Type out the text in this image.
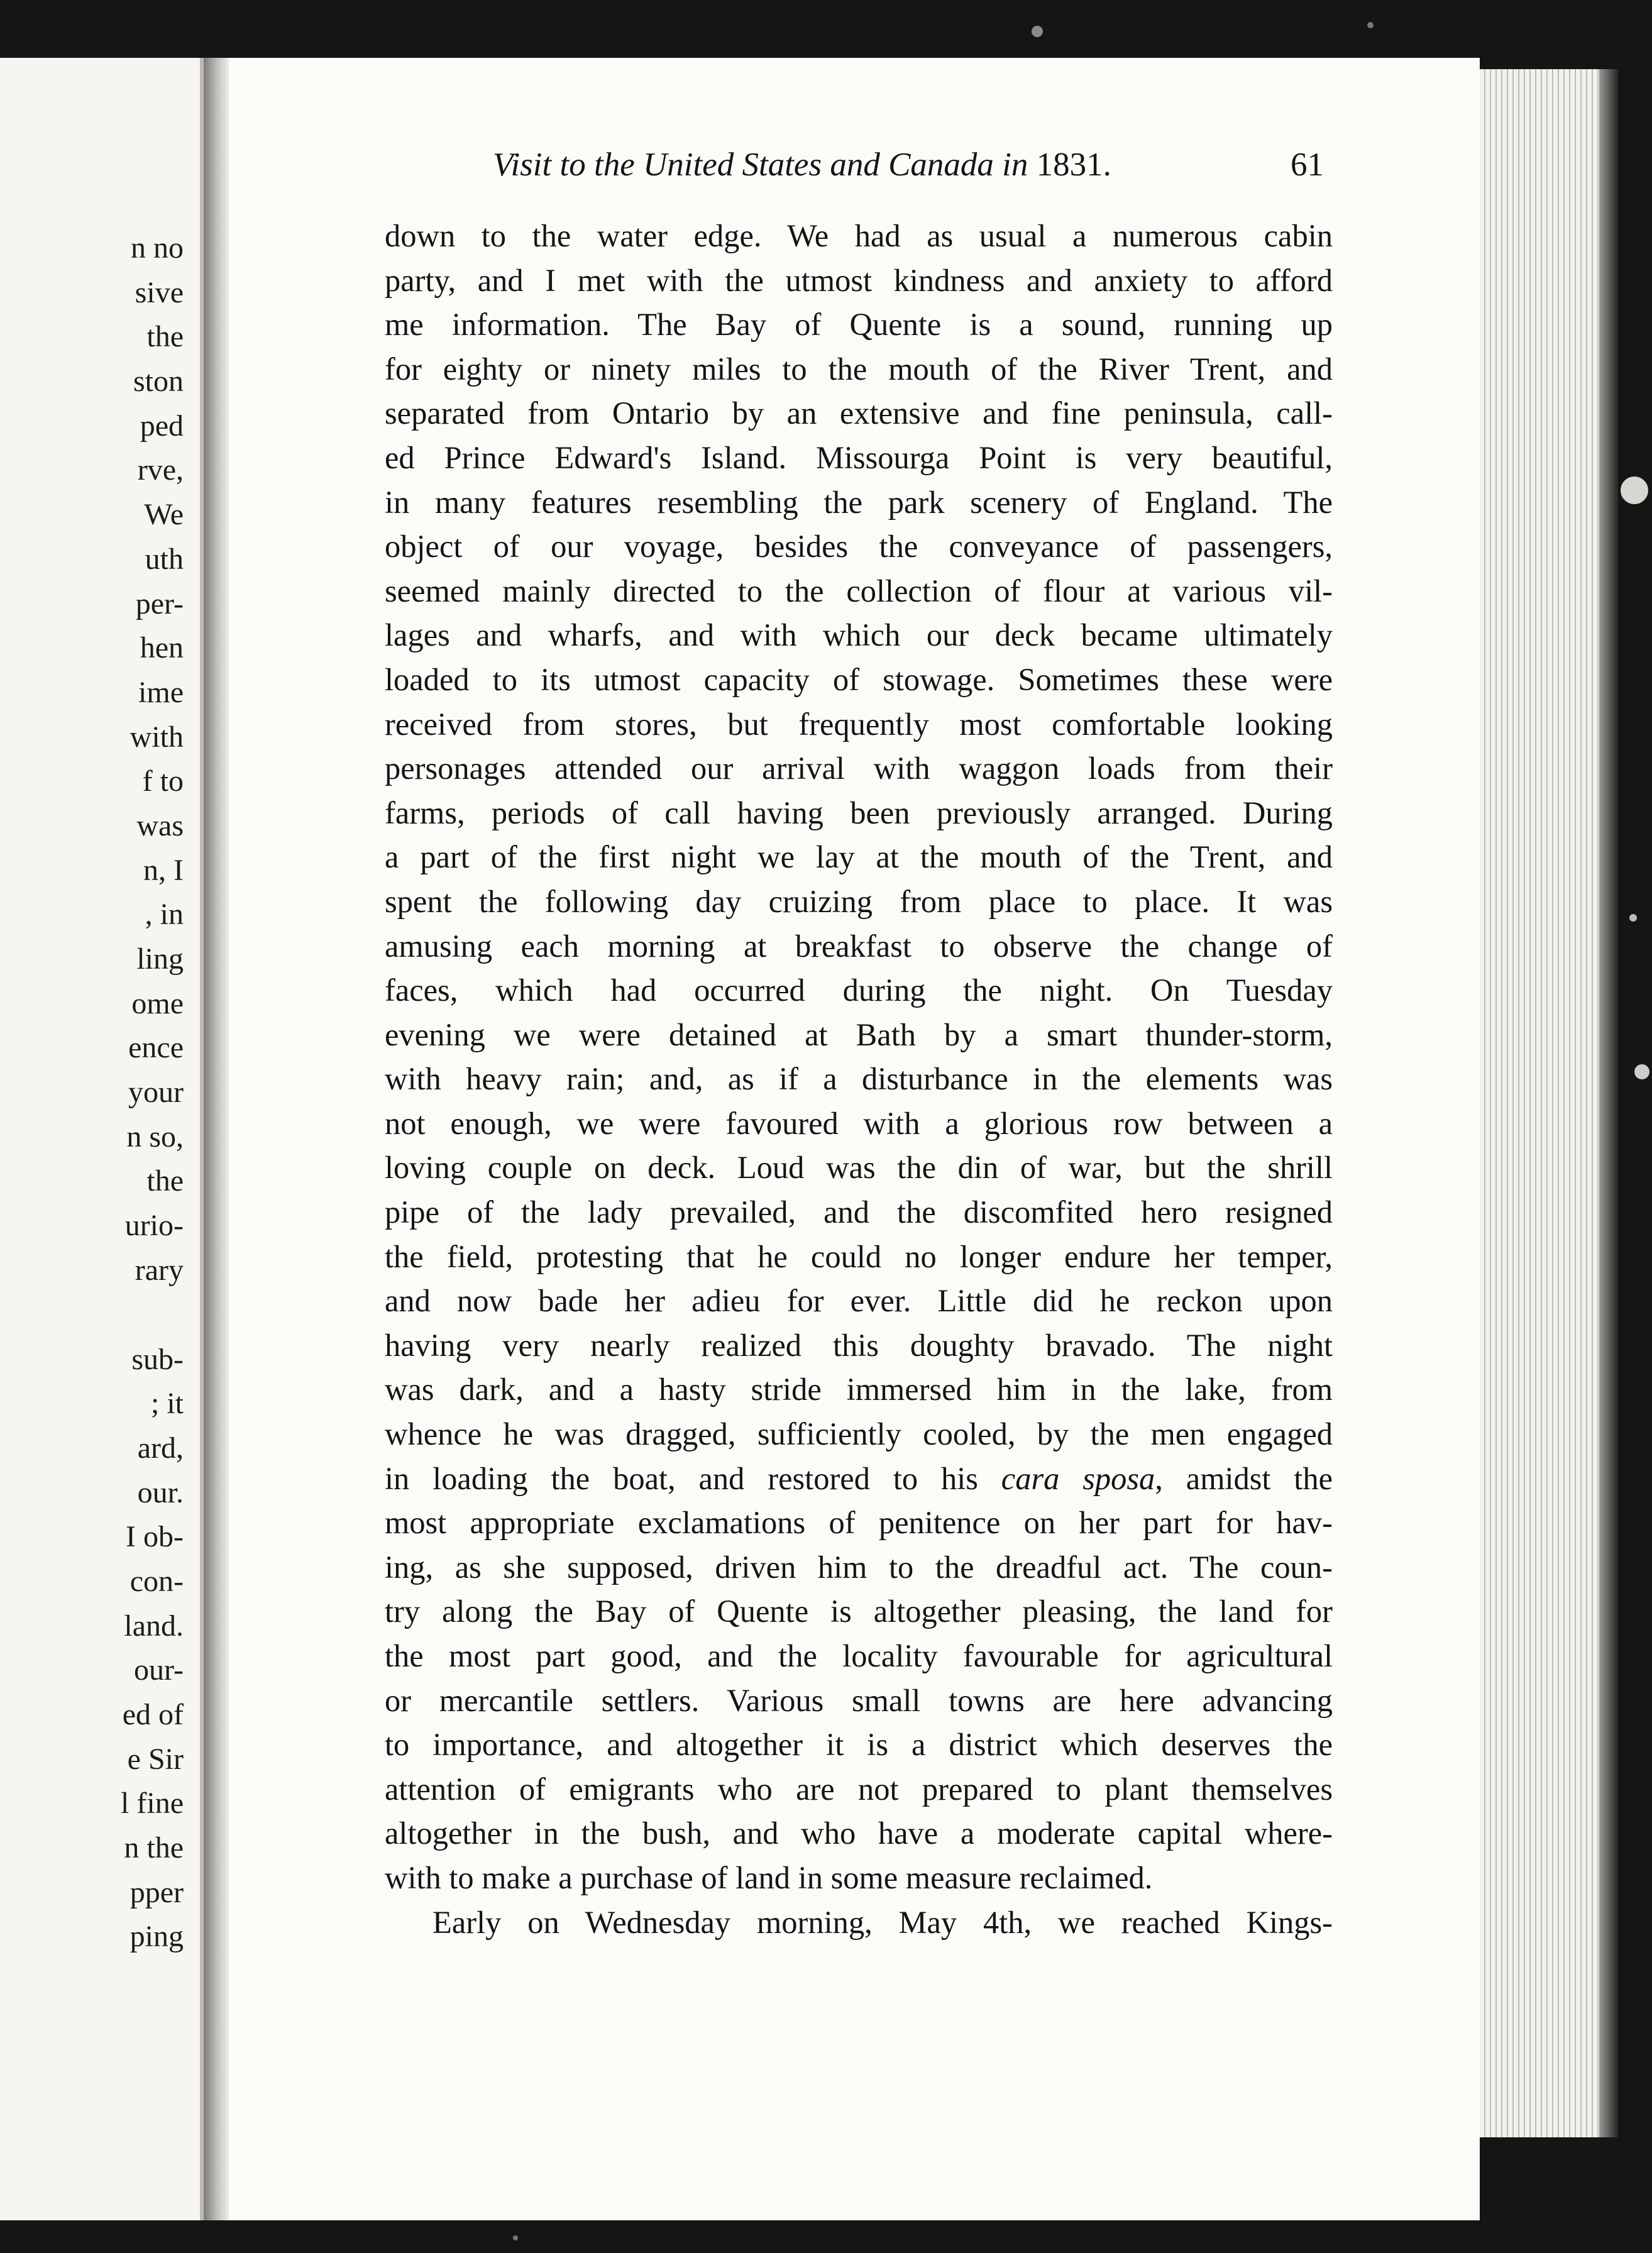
n no
sive
the
ston
ped
rve,
We
uth
per-
hen
ime
with
f to
was
n, I
, in
ling
ome
ence
your
n so,
the
urio-
rary
sub-
; it
ard,
our.
I ob-
con-
land.
our-
ed of
e Sir
l fine
n the
pper
ping
Visit to the United States and Canada in 1831.	61
down to the water edge. We had as usual a numerous cabin
party, and I met with the utmost kindness and anxiety to afford
me information. The Bay of Quente is a sound, running up
for eighty or ninety miles to the mouth of the River Trent, and
separated from Ontario by an extensive and fine peninsula, call-
ed Prince Edward's Island. Missourga Point is very beautiful,
in many features resembling the park scenery of England. The
object of our voyage, besides the conveyance of passengers,
seemed mainly directed to the collection of flour at various vil-
lages and wharfs, and with which our deck became ultimately
loaded to its utmost capacity of stowage. Sometimes these were
received from stores, but frequently most comfortable looking
personages attended our arrival with waggon loads from their
farms, periods of call having been previously arranged. During
a part of the first night we lay at the mouth of the Trent, and
spent the following day cruizing from place to place. It was
amusing each morning at breakfast to observe the change of
faces, which had occurred during the night. On Tuesday
evening we were detained at Bath by a smart thunder-storm,
with heavy rain; and, as if a disturbance in the elements was
not enough, we were favoured with a glorious row between a
loving couple on deck. Loud was the din of war, but the shrill
pipe of the lady prevailed, and the discomfited hero resigned
the field, protesting that he could no longer endure her temper,
and now bade her adieu for ever. Little did he reckon upon
having very nearly realized this doughty bravado. The night
was dark, and a hasty stride immersed him in the lake, from
whence he was dragged, sufficiently cooled, by the men engaged
in loading the boat, and restored to his cara sposa, amidst the
most appropriate exclamations of penitence on her part for hav-
ing, as she supposed, driven him to the dreadful act. The coun-
try along the Bay of Quente is altogether pleasing, the land for
the most part good, and the locality favourable for agricultural
or mercantile settlers. Various small towns are here advancing
to importance, and altogether it is a district which deserves the
attention of emigrants who are not prepared to plant themselves
altogether in the bush, and who have a moderate capital where-
with to make a purchase of land in some measure reclaimed.
Early on Wednesday morning, May 4th, we reached Kings-
